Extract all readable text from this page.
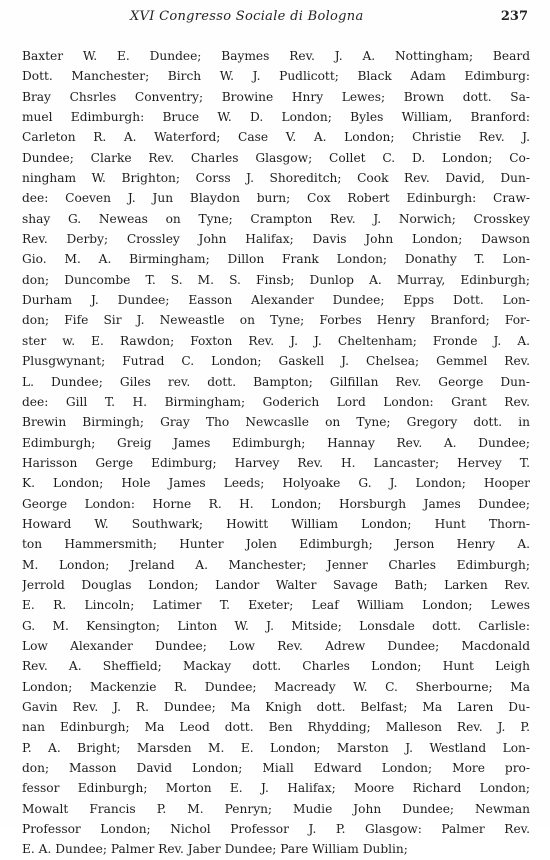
XVI Congresso Sociale di Bologna	237
Baxter W. E. Dundee; Baymes Rev. J. A. Nottingham; Beard
Dott. Manchester; Birch W. J. Pudlicott; Black Adam Edimburg:
Bray Chsrles Conventry; Browine Hnry Lewes; Brown dott. Sa-
muel Edimburgh: Bruce W. D. London; Byles William, Branford:
Carleton R. A. Waterford; Case V. A. London; Christie Rev. J.
Dundee; Clarke Rev. Charles Glasgow; Collet C. D. London; Co-
ningham W. Brighton; Corss J. Shoreditch; Cook Rev. David, Dun-
dee: Coeven J. Jun Blaydon burn; Cox Robert Edinburgh: Craw-
shay G. Neweas on Tyne; Crampton Rev. J. Norwich; Crosskey
Rev. Derby; Crossley John Halifax; Davis John London; Dawson
Gio. M. A. Birmingham; Dillon Frank London; Donathy T. Lon-
don; Duncombe T. S. M. S. Finsb; Dunlop A. Murray, Edinburgh;
Durham J. Dundee; Easson Alexander Dundee; Epps Dott. Lon-
don; Fife Sir J. Neweastle on Tyne; Forbes Henry Branford; For-
ster w. E. Rawdon; Foxton Rev. J. J. Cheltenham; Fronde J. A.
Plusgwynant; Futrad C. London; Gaskell J. Chelsea; Gemmel Rev.
L. Dundee; Giles rev. dott. Bampton; Gilfillan Rev. George Dun-
dee: Gill T. H. Birmingham; Goderich Lord London: Grant Rev.
Brewin Birmingh; Gray Tho Newcaslle on Tyne; Gregory dott. in
Edimburgh; Greig James Edimburgh; Hannay Rev. A. Dundee;
Harisson Gerge Edimburg; Harvey Rev. H. Lancaster; Hervey T.
K. London; Hole James Leeds; Holyoake G. J. London; Hooper
George London: Horne R. H. London; Horsburgh James Dundee;
Howard W. Southwark; Howitt William London; Hunt Thorn-
ton Hammersmith; Hunter Jolen Edimburgh; Jerson Henry A.
M. London; Jreland A. Manchester; Jenner Charles Edimburgh;
Jerrold Douglas London; Landor Walter Savage Bath; Larken Rev.
E. R. Lincoln; Latimer T. Exeter; Leaf William London; Lewes
G. M. Kensington; Linton W. J. Mitside; Lonsdale dott. Carlisle:
Low Alexander Dundee; Low Rev. Adrew Dundee; Macdonald
Rev. A. Sheffield; Mackay dott. Charles London; Hunt Leigh
London; Mackenzie R. Dundee; Macready W. C. Sherbourne; Ma
Gavin Rev. J. R. Dundee; Ma Knigh dott. Belfast; Ma Laren Du-
nan Edinburgh; Ma Leod dott. Ben Rhydding; Malleson Rev. J. P.
P. A. Bright; Marsden M. E. London; Marston J. Westland Lon-
don; Masson David London; Miall Edward London; More pro-
fessor Edinburgh; Morton E. J. Halifax; Moore Richard London;
Mowalt Francis P. M. Penryn; Mudie John Dundee; Newman
Professor London; Nichol Professor J. P. Glasgow: Palmer Rev.
E. A. Dundee; Palmer Rev. Jaber Dundee; Pare William Dublin;
